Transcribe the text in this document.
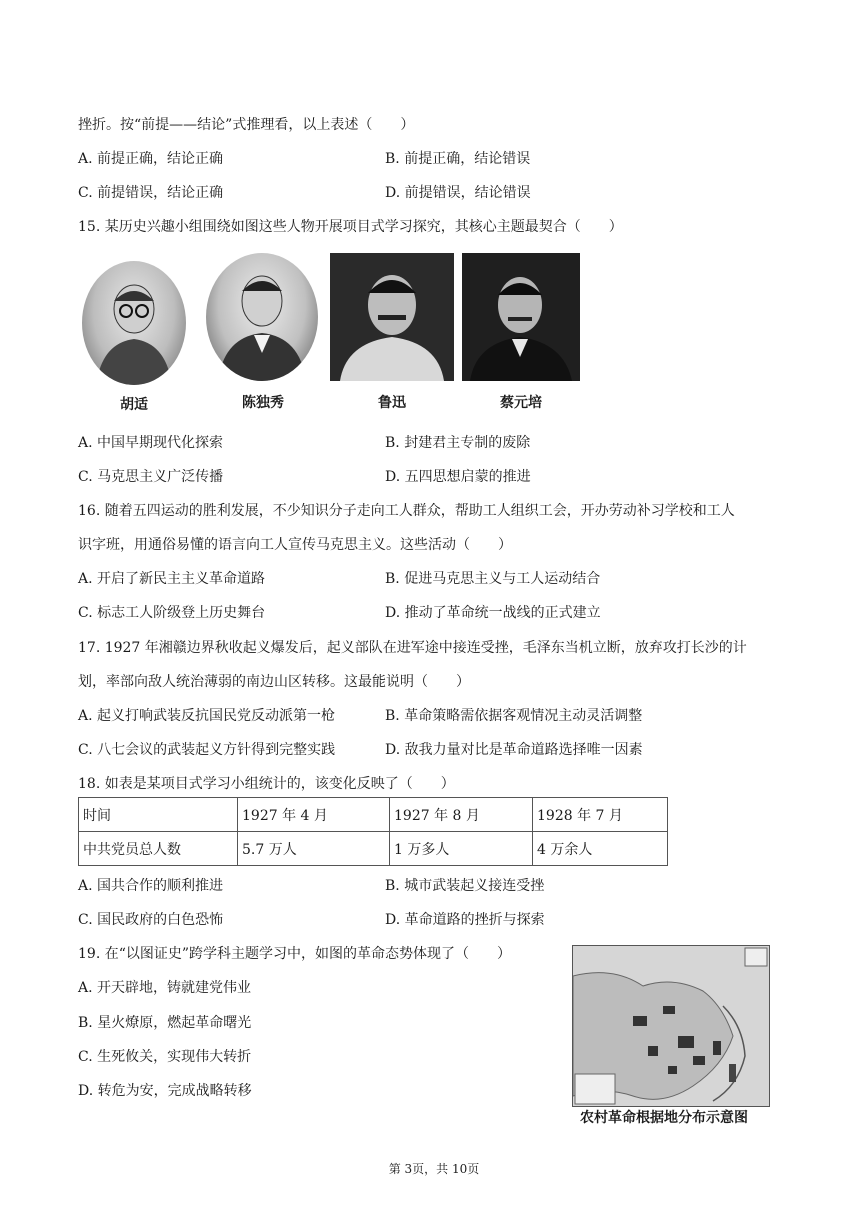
挫折。按“前提——结论”式推理看，以上表述（　　）
A. 前提正确，结论正确	B. 前提正确，结论错误
C. 前提错误，结论正确	D. 前提错误，结论错误
15. 某历史兴趣小组围绕如图这些人物开展项目式学习探究，其核心主题最契合（　　）
胡适	陈独秀	鲁迅	蔡元培
A. 中国早期现代化探索	B. 封建君主专制的废除
C. 马克思主义广泛传播	D. 五四思想启蒙的推进
16. 随着五四运动的胜利发展，不少知识分子走向工人群众，帮助工人组织工会，开办劳动补习学校和工人
识字班，用通俗易懂的语言向工人宣传马克思主义。这些活动（　　）
A. 开启了新民主主义革命道路	B. 促进马克思主义与工人运动结合
C. 标志工人阶级登上历史舞台	D. 推动了革命统一战线的正式建立
17. 1927 年湘赣边界秋收起义爆发后，起义部队在进军途中接连受挫，毛泽东当机立断，放弃攻打长沙的计
划，率部向敌人统治薄弱的南边山区转移。这最能说明（　　）
A. 起义打响武装反抗国民党反动派第一枪	B. 革命策略需依据客观情况主动灵活调整
C. 八七会议的武装起义方针得到完整实践	D. 敌我力量对比是革命道路选择唯一因素
18. 如表是某项目式学习小组统计的，该变化反映了（　　）
时间	1927 年 4 月	1927 年 8 月	1928 年 7 月
中共党员总人数	5.7 万人	1 万多人	4 万余人
A. 国共合作的顺利推进	B. 城市武装起义接连受挫
C. 国民政府的白色恐怖	D. 革命道路的挫折与探索
19. 在“以图证史”跨学科主题学习中，如图的革命态势体现了（　　）
A. 开天辟地，铸就建党伟业
B. 星火燎原，燃起革命曙光
C. 生死攸关，实现伟大转折
D. 转危为安，完成战略转移
农村革命根据地分布示意图
第 3页，共 10页
